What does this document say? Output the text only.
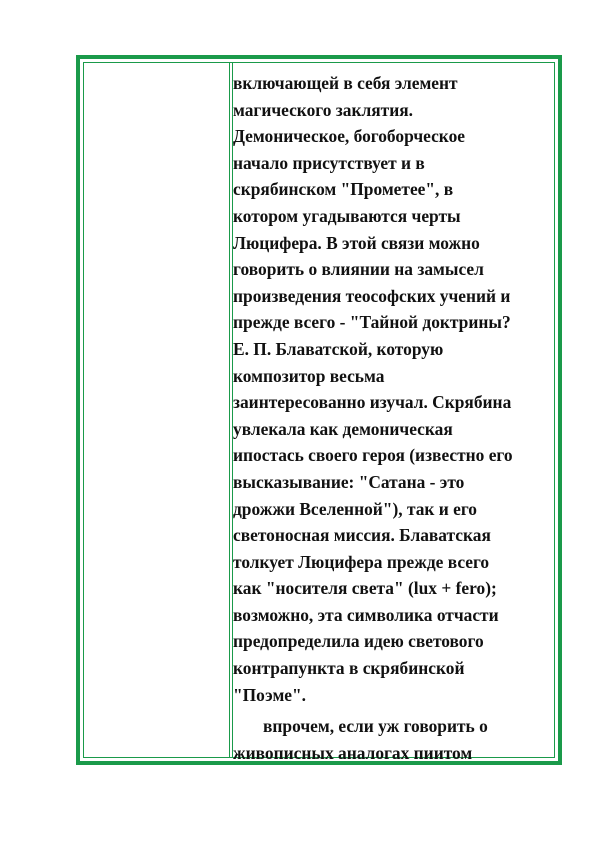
включающей в себя элемент
магического заклятия.
Демоническое, богоборческое
начало присутствует и в
скрябинском "Прометее", в
котором угадываются черты
Люцифера. В этой связи можно
говорить о влиянии на замысел
произведения теософских учений и
прежде всего - "Тайной доктрины?
Е. П. Блаватской, которую
композитор весьма
заинтересованно изучал. Скрябина
увлекала как демоническая
ипостась своего героя (известно его
высказывание: "Сатана - это
дрожжи Вселенной"), так и его
светоносная миссия. Блаватская
толкует Люцифера прежде всего
как "носителя света" (lux + fero);
возможно, эта символика отчасти
предопределила идею светового
контрапункта в скрябинской
"Поэме".
впрочем, если уж говорить о
живописных аналогах пиитом
